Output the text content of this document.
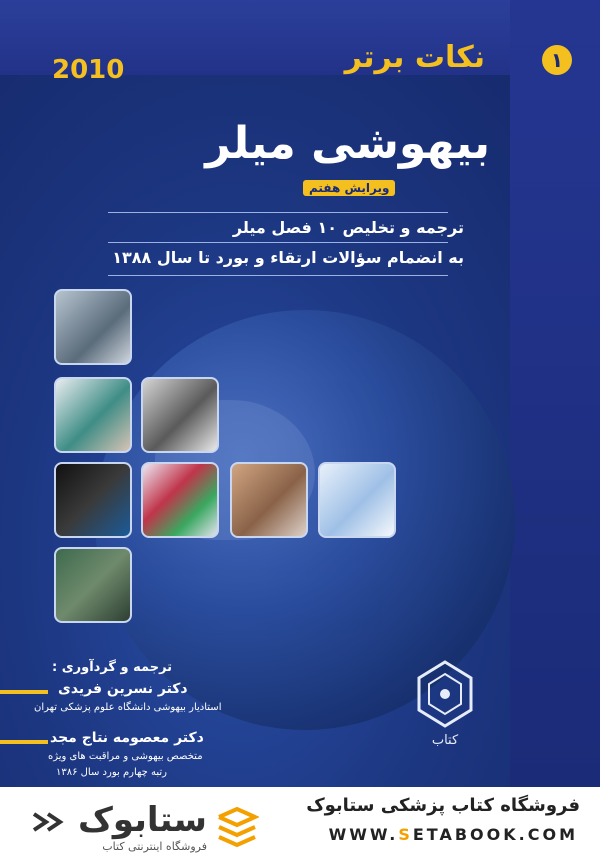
۱
2010	نکات برتر
بیهوشی میلر
ویرایش هفتم
ترجمه و تخلیص ۱۰ فصل میلر
به انضمام سؤالات ارتقاء و بورد تا سال ۱۳۸۸
ترجمه و گردآوری :
دکتر نسرین فریدی
استادیار بیهوشی دانشگاه علوم پزشکی تهران
دکتر معصومه نتاج مجد
متخصص بیهوشی و مراقبت های ویژه
رتبه چهارم بورد سال ۱۳۸۶
کتاب
ستابوک
فروشگاه اینترنتی کتاب
فروشگاه کتاب پزشکی ستابوک
WWW.SETABOOK.COM
